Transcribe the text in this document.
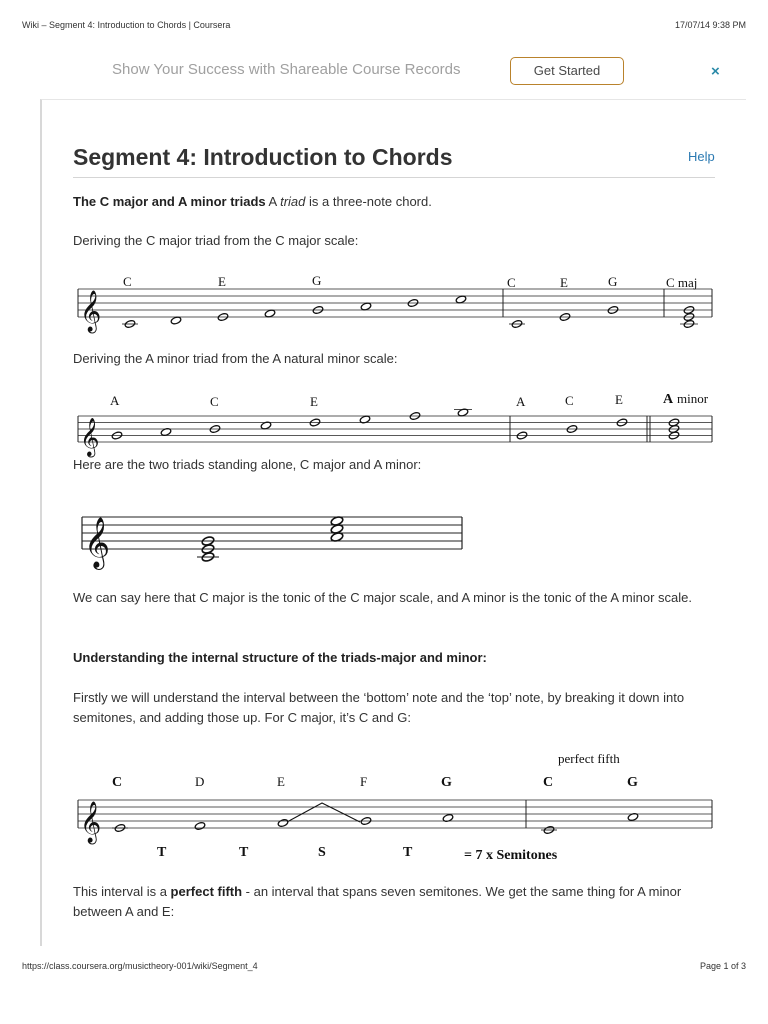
Wiki – Segment 4: Introduction to Chords | Coursera	17/07/14 9:38 PM
Show Your Success with Shareable Course Records	Get Started	×
Segment 4: Introduction to Chords	Help

The C major and A minor triads A triad is a three-note chord.

Deriving the C major triad from the C major scale:

𝄞
C	E	G	C	E	G	C maj

Deriving the A minor triad from the A natural minor scale:

𝄞
A	C	E	A	C	E	A minor

Here are the two triads standing alone, C major and A minor:

𝄞

We can say here that C major is the tonic of the C major scale, and A minor is the tonic of the A minor scale.

Understanding the internal structure of the triads-major and minor:

Firstly we will understand the interval between the ‘bottom’ note and the ‘top’ note, by breaking it down into semitones, and adding those up. For C major, it’s C and G:

𝄞
perfect fifth
C	D	E	F	G	C	G
T	T	S	T	= 7 x Semitones

This interval is a perfect fifth - an interval that spans seven semitones. We get the same thing for A minor between A and E:

https://class.coursera.org/musictheory-001/wiki/Segment_4	Page 1 of 3
